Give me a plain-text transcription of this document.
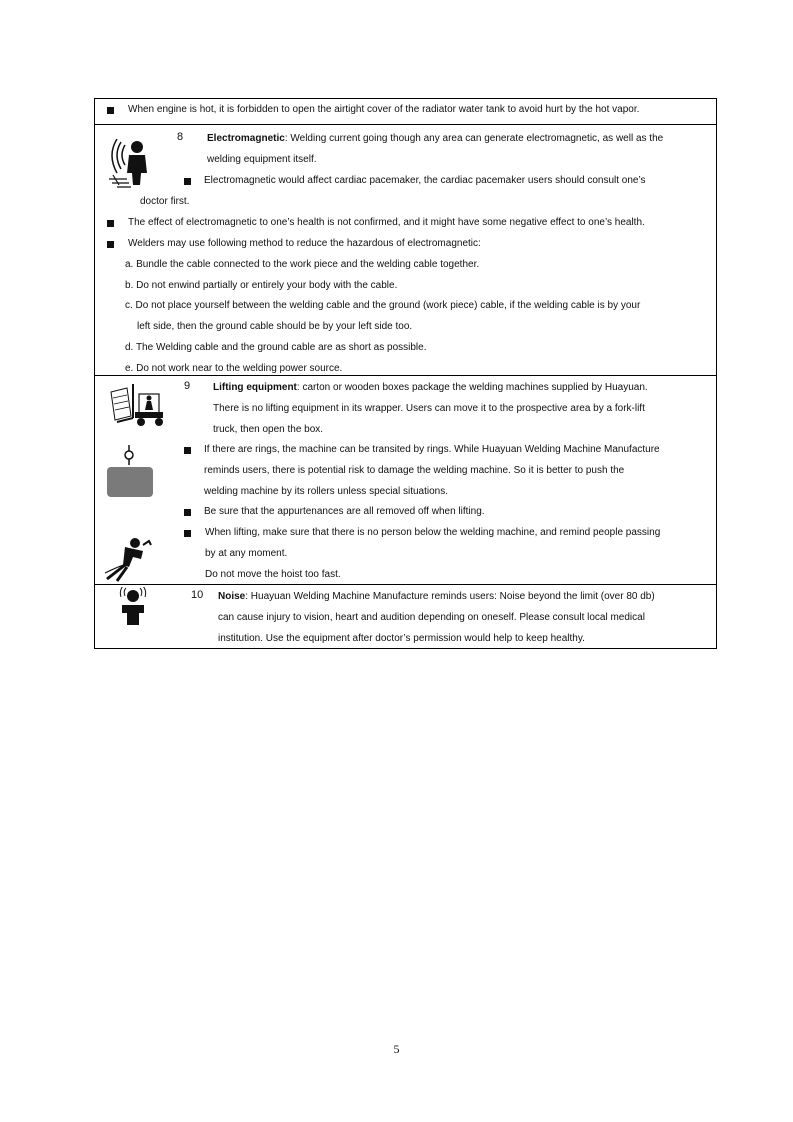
When engine is hot, it is forbidden to open the airtight cover of the radiator water tank to avoid hurt by the hot vapor.
8 Electromagnetic: Welding current going though any area can generate electromagnetic, as well as the
welding equipment itself.
Electromagnetic would affect cardiac pacemaker, the cardiac pacemaker users should consult one’s
doctor first.
The effect of electromagnetic to one’s health is not confirmed, and it might have some negative effect to one’s health.
Welders may use following method to reduce the hazardous of electromagnetic:
a. Bundle the cable connected to the work piece and the welding cable together.
b. Do not enwind partially or entirely your body with the cable.
c. Do not place yourself between the welding cable and the ground (work piece) cable, if the welding cable is by your
left side, then the ground cable should be by your left side too.
d. The Welding cable and the ground cable are as short as possible.
e. Do not work near to the welding power source.
9 Lifting equipment: carton or wooden boxes package the welding machines supplied by Huayuan.
There is no lifting equipment in its wrapper. Users can move it to the prospective area by a fork-lift
truck, then open the box.
If there are rings, the machine can be transited by rings. While Huayuan Welding Machine Manufacture
reminds users, there is potential risk to damage the welding machine. So it is better to push the
welding machine by its rollers unless special situations.
Be sure that the appurtenances are all removed off when lifting.
When lifting, make sure that there is no person below the welding machine, and remind people passing
by at any moment.
Do not move the hoist too fast.
10 Noise: Huayuan Welding Machine Manufacture reminds users: Noise beyond the limit (over 80 db)
can cause injury to vision, heart and audition depending on oneself. Please consult local medical
institution. Use the equipment after doctor’s permission would help to keep healthy.
5
